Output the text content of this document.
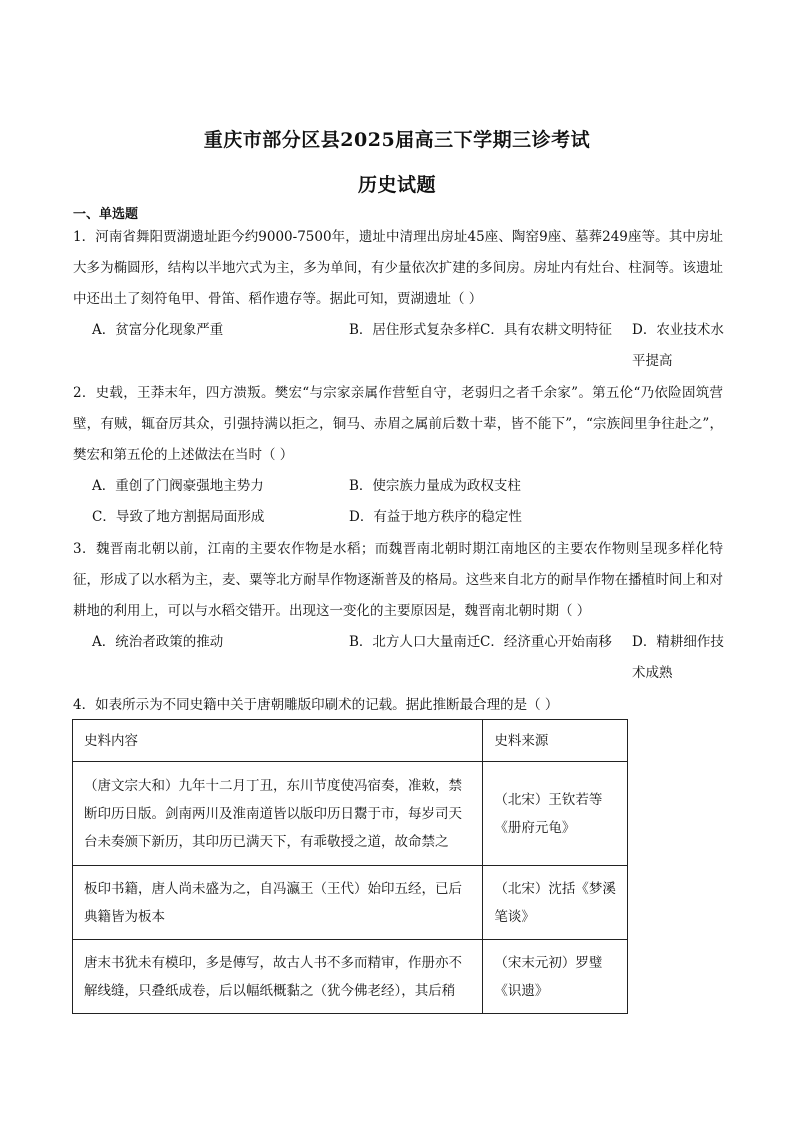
重庆市部分区县2025届高三下学期三诊考试
历史试题
一、单选题
1．河南省舞阳贾湖遗址距今约9000-7500年，遗址中清理出房址45座、陶窑9座、墓葬249座等。其中房址大多为椭圆形，结构以半地穴式为主，多为单间，有少量依次扩建的多间房。房址内有灶台、柱洞等。该遗址中还出土了刻符龟甲、骨笛、稻作遗存等。据此可知，贾湖遗址（ ）
A．贫富分化现象严重	B．居住形式复杂多样 C．具有农耕文明特征 D．农业技术水平提高
2．史载，王莽末年，四方溃叛。樊宏“与宗家亲属作营堑自守，老弱归之者千余家”。第五伦“乃依险固筑营壁，有贼，辄奋厉其众，引强持满以拒之，铜马、赤眉之属前后数十辈，皆不能下”，“宗族闾里争往赴之”，樊宏和第五伦的上述做法在当时（ ）
A．重创了门阀豪强地主势力	B．使宗族力量成为政权支柱
C．导致了地方割据局面形成	D．有益于地方秩序的稳定性
3．魏晋南北朝以前，江南的主要农作物是水稻；而魏晋南北朝时期江南地区的主要农作物则呈现多样化特征，形成了以水稻为主，麦、粟等北方耐旱作物逐渐普及的格局。这些来自北方的耐旱作物在播植时间上和对耕地的利用上，可以与水稻交错开。出现这一变化的主要原因是，魏晋南北朝时期（ ）
A．统治者政策的推动	B．北方人口大量南迁 C．经济重心开始南移 D．精耕细作技术成熟
4．如表所示为不同史籍中关于唐朝雕版印刷术的记载。据此推断最合理的是（ ）
史料内容	史料来源
（唐文宗大和）九年十二月丁丑，东川节度使冯宿奏，准敕，禁断印历日版。剑南两川及淮南道皆以版印历日鬻于市，每岁司天台未奏颁下新历，其印历已满天下，有乖敬授之道，故命禁之	（北宋）王钦若等《册府元龟》
板印书籍，唐人尚未盛为之，自冯瀛王（王代）始印五经，已后典籍皆为板本	（北宋）沈括《梦溪笔谈》
唐末书犹未有模印，多是傳写，故古人书不多而精审，作册亦不解线缝，只叠纸成卷，后以幅纸概黏之（犹今佛老经），其后稍	（宋末元初）罗璧《识遗》
